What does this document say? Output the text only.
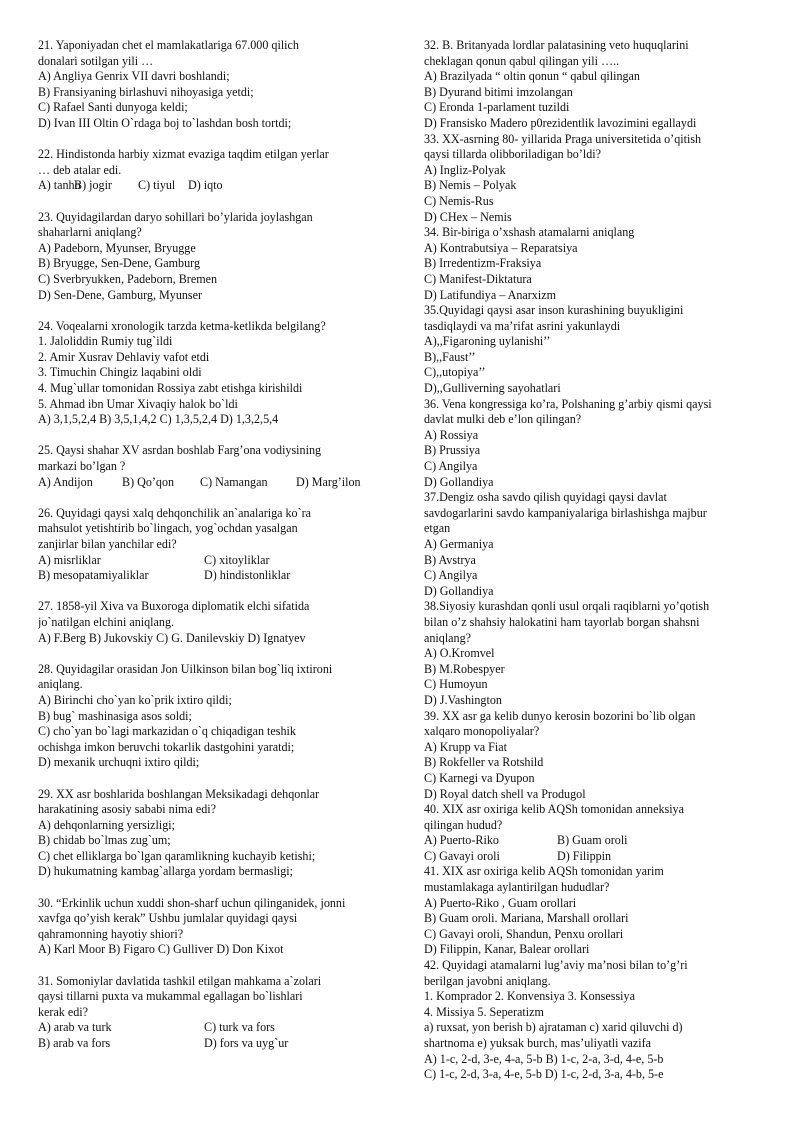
21. Yaponiyadan chet el mamlakatlariga 67.000 qilich
donalari sotilgan yili …
A) Angliya Genrix VII davri boshlandi;
B) Fransiyaning birlashuvi nihoyasiga yetdi;
C) Rafael Santi dunyoga keldi;
D) Ivan III Oltin O`rdaga boj to`lashdan bosh tortdi;
22. Hindistonda harbiy xizmat evaziga taqdim etilgan yerlar
… deb atalar edi.
A) tanho
B) jogir C) tiyul D) iqto
23. Quyidagilardan daryo sohillari bo’ylarida joylashgan
shaharlarni aniqlang?
A) Padeborn, Myunser, Bryugge
B) Bryugge, Sen-Dene, Gamburg
C) Sverbryukken, Padeborn, Bremen
D) Sen-Dene, Gamburg, Myunser
24. Voqealarni xronologik tarzda ketma-ketlikda belgilang?
1. Jaloliddin Rumiy tug`ildi
2. Amir Xusrav Dehlaviy vafot etdi
3. Timuchin Chingiz laqabini oldi
4. Mug`ullar tomonidan Rossiya zabt etishga kirishildi
5. Ahmad ibn Umar Xivaqiy halok bo`ldi
A) 3,1,5,2,4 B) 3,5,1,4,2 C) 1,3,5,2,4 D) 1,3,2,5,4
25. Qaysi shahar XV asrdan boshlab Farg’ona vodiysining
markazi bo’lgan ?
A) Andijon B) Qo’qon C) Namangan D) Marg’ilon
26. Quyidagi qaysi xalq dehqonchilik an`analariga ko`ra
mahsulot yetishtirib bo`lingach, yog`ochdan yasalgan
zanjirlar bilan yanchilar edi?
A) misrliklar	C) xitoyliklar
B) mesopatamiyaliklar	D) hindistonliklar
27. 1858-yil Xiva va Buxoroga diplomatik elchi sifatida
jo`natilgan elchini aniqlang.
A) F.Berg B) Jukovskiy C) G. Danilevskiy D) Ignatyev
28. Quyidagilar orasidan Jon Uilkinson bilan bog`liq ixtironi
aniqlang.
A) Birinchi cho`yan ko`prik ixtiro qildi;
B) bug` mashinasiga asos soldi;
C) cho`yan bo`lagi markazidan o`q chiqadigan teshik
ochishga imkon beruvchi tokarlik dastgohini yaratdi;
D) mexanik urchuqni ixtiro qildi;
29. XX asr boshlarida boshlangan Meksikadagi dehqonlar
harakatining asosiy sababi nima edi?
A) dehqonlarning yersizligi;
B) chidab bo`lmas zug`um;
C) chet elliklarga bo`lgan qaramlikning kuchayib ketishi;
D) hukumatning kambag`allarga yordam bermasligi;
30. “Erkinlik uchun xuddi shon-sharf uchun qilinganidek, jonni
xavfga qo’yish kerak” Ushbu jumlalar quyidagi qaysi
qahramonning hayotiy shiori?
A) Karl Moor B) Figaro C) Gulliver D) Don Kixot
31. Somoniylar davlatida tashkil etilgan mahkama a`zolari
qaysi tillarni puxta va mukammal egallagan bo`lishlari
kerak edi?
A) arab va turk	C) turk va fors
B) arab va fors	D) fors va uyg`ur
32. B. Britanyada lordlar palatasining veto huquqlarini
cheklagan qonun qabul qilingan yili …..
A) Brazilyada “ oltin qonun “ qabul qilingan
B) Dyurand bitimi imzolangan
C) Eronda 1-parlament tuzildi
D) Fransisko Madero p0rezidentlik lavozimini egallaydi
33. XX-asrning 80- yillarida Praga universitetida o’qitish
qaysi tillarda olibboriladigan bo’ldi?
A) Ingliz-Polyak
B) Nemis – Polyak
C) Nemis-Rus
D) CHex – Nemis
34. Bir-biriga o’xshash atamalarni aniqlang
A) Kontrabutsiya – Reparatsiya
B) Irredentizm-Fraksiya
C) Manifest-Diktatura
D) Latifundiya – Anarxizm
35.Quyidagi qaysi asar inson kurashining buyukligini
tasdiqlaydi va ma’rifat asrini yakunlaydi
A),,Figaroning uylanishi’’
B),,Faust’’
C),,utopiya’’
D),,Gulliverning sayohatlari
36. Vena kongressiga ko’ra, Polshaning g’arbiy qismi qaysi
davlat mulki deb e’lon qilingan?
A) Rossiya
B) Prussiya
C) Angilya
D) Gollandiya
37.Dengiz osha savdo qilish quyidagi qaysi davlat
savdogarlarini savdo kampaniyalariga birlashishga majbur
etgan
A) Germaniya
B) Avstrya
C) Angilya
D) Gollandiya
38.Siyosiy kurashdan qonli usul orqali raqiblarni yo’qotish
bilan o’z shahsiy halokatini ham tayorlab borgan shahsni
aniqlang?
A) O.Kromvel
B) M.Robespyer
C) Humoyun
D) J.Vashington
39. XX asr ga kelib dunyo kerosin bozorini bo`lib olgan
xalqaro monopoliyalar?
A) Krupp va Fiat
B) Rokfeller va Rotshild
C) Karnegi va Dyupon
D) Royal datch shell va Produgol
40. XIX asr oxiriga kelib AQSh tomonidan anneksiya
qilingan hudud?
A) Puerto-Riko	B) Guam oroli
C) Gavayi oroli	D) Filippin
41. XIX asr oxiriga kelib AQSh tomonidan yarim
mustamlakaga aylantirilgan hududlar?
A) Puerto-Riko , Guam orollari
B) Guam oroli. Mariana, Marshall orollari
C) Gavayi oroli, Shandun, Penxu orollari
D) Filippin, Kanar, Balear orollari
42. Quyidagi atamalarni lug’aviy ma’nosi bilan to’g’ri
berilgan javobni aniqlang.
1. Komprador 2. Konvensiya 3. Konsessiya
4. Missiya 5. Seperatizm
a) ruxsat, yon berish b) ajrataman c) xarid qiluvchi d)
shartnoma e) yuksak burch, mas’uliyatli vazifa
A) 1-c, 2-d, 3-e, 4-a, 5-b B) 1-c, 2-a, 3-d, 4-e, 5-b
C) 1-c, 2-d, 3-a, 4-e, 5-b D) 1-c, 2-d, 3-a, 4-b, 5-e
